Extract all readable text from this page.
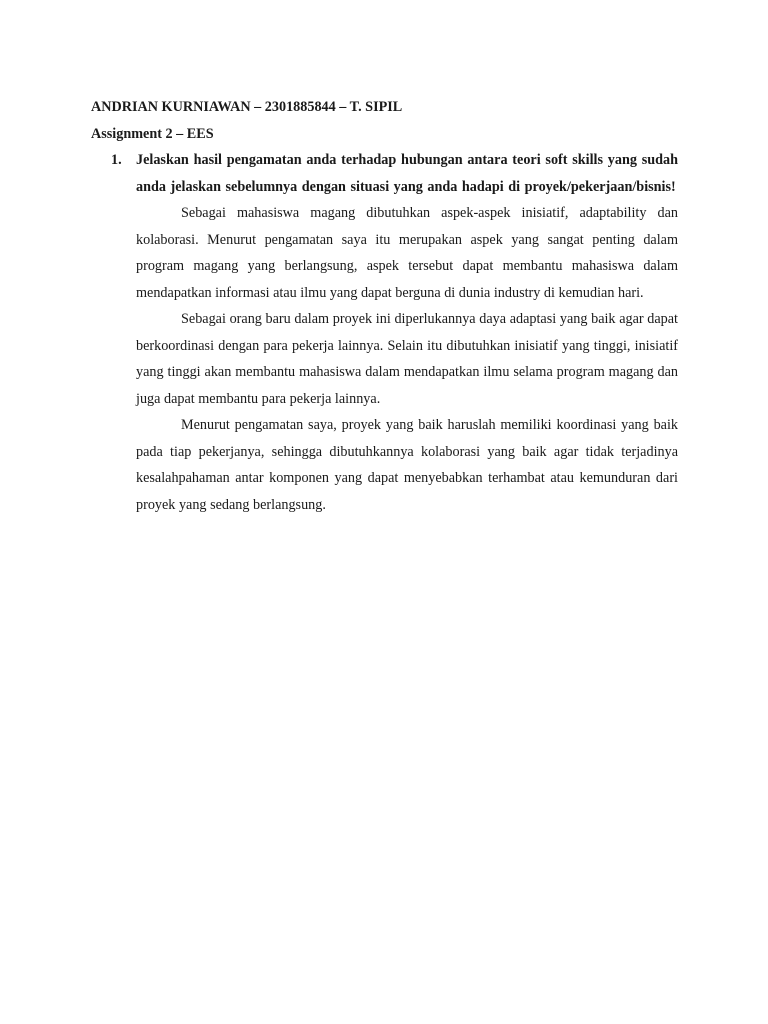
ANDRIAN KURNIAWAN – 2301885844 – T. SIPIL

Assignment 2 – EES

1.	Jelaskan hasil pengamatan anda terhadap hubungan antara teori soft skills yang sudah anda jelaskan sebelumnya dengan situasi yang anda hadapi di proyek/pekerjaan/bisnis!

Sebagai mahasiswa magang dibutuhkan aspek-aspek inisiatif, adaptability dan kolaborasi. Menurut pengamatan saya itu merupakan aspek yang sangat penting dalam program magang yang berlangsung, aspek tersebut dapat membantu mahasiswa dalam mendapatkan informasi atau ilmu yang dapat berguna di dunia industry di kemudian hari.

Sebagai orang baru dalam proyek ini diperlukannya daya adaptasi yang baik agar dapat berkoordinasi dengan para pekerja lainnya. Selain itu dibutuhkan inisiatif yang tinggi, inisiatif yang tinggi akan membantu mahasiswa dalam mendapatkan ilmu selama program magang dan juga dapat membantu para pekerja lainnya.

Menurut pengamatan saya, proyek yang baik haruslah memiliki koordinasi yang baik pada tiap pekerjanya, sehingga dibutuhkannya kolaborasi yang baik agar tidak terjadinya kesalahpahaman antar komponen yang dapat menyebabkan terhambat atau kemunduran dari proyek yang sedang berlangsung.
